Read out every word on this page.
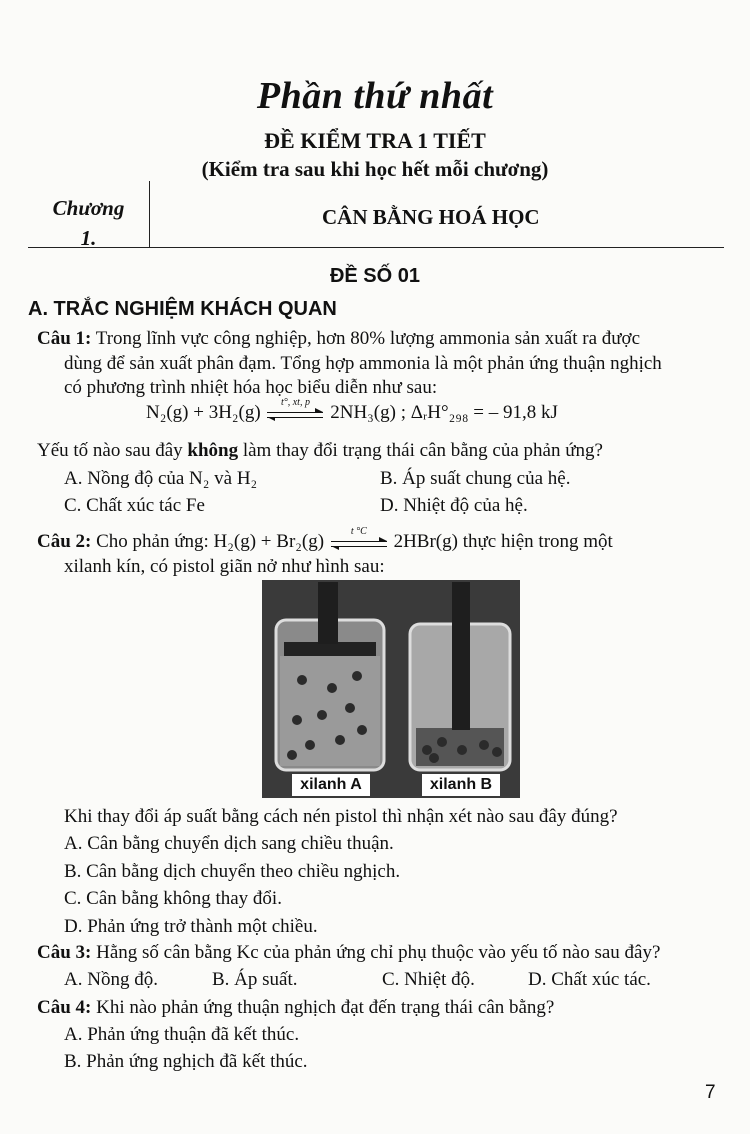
Phần thứ nhất
ĐỀ KIỂM TRA 1 TIẾT
(Kiểm tra sau khi học hết mỗi chương)
Chương
1.
CÂN BẰNG HOÁ HỌC
ĐỀ SỐ 01
A. TRẮC NGHIỆM KHÁCH QUAN
Câu 1: Trong lĩnh vực công nghiệp, hơn 80% lượng ammonia sản xuất ra được
dùng để sản xuất phân đạm. Tổng hợp ammonia là một phản ứng thuận nghịch
có phương trình nhiệt hóa học biểu diễn như sau:
N₂(g) + 3H₂(g)	t°, xt, p	2NH₃(g) ; ΔᵣH°₂₉₈ = – 91,8 kJ
Yếu tố nào sau đây không làm thay đổi trạng thái cân bằng của phản ứng?
A. Nồng độ của N₂ và H₂	B. Áp suất chung của hệ.
C. Chất xúc tác Fe	D. Nhiệt độ của hệ.
Câu 2: Cho phản ứng: H₂(g) + Br₂(g)	t °C	2HBr(g) thực hiện trong một
xilanh kín, có pistol giãn nở như hình sau:
xilanh A	xilanh B
Khi thay đổi áp suất bằng cách nén pistol thì nhận xét nào sau đây đúng?
A. Cân bằng chuyển dịch sang chiều thuận.
B. Cân bằng dịch chuyển theo chiều nghịch.
C. Cân bằng không thay đổi.
D. Phản ứng trở thành một chiều.
Câu 3: Hằng số cân bằng Kc của phản ứng chỉ phụ thuộc vào yếu tố nào sau đây?
A. Nồng độ.	B. Áp suất.	C. Nhiệt độ.	D. Chất xúc tác.
Câu 4: Khi nào phản ứng thuận nghịch đạt đến trạng thái cân bằng?
A. Phản ứng thuận đã kết thúc.
B. Phản ứng nghịch đã kết thúc.
7
